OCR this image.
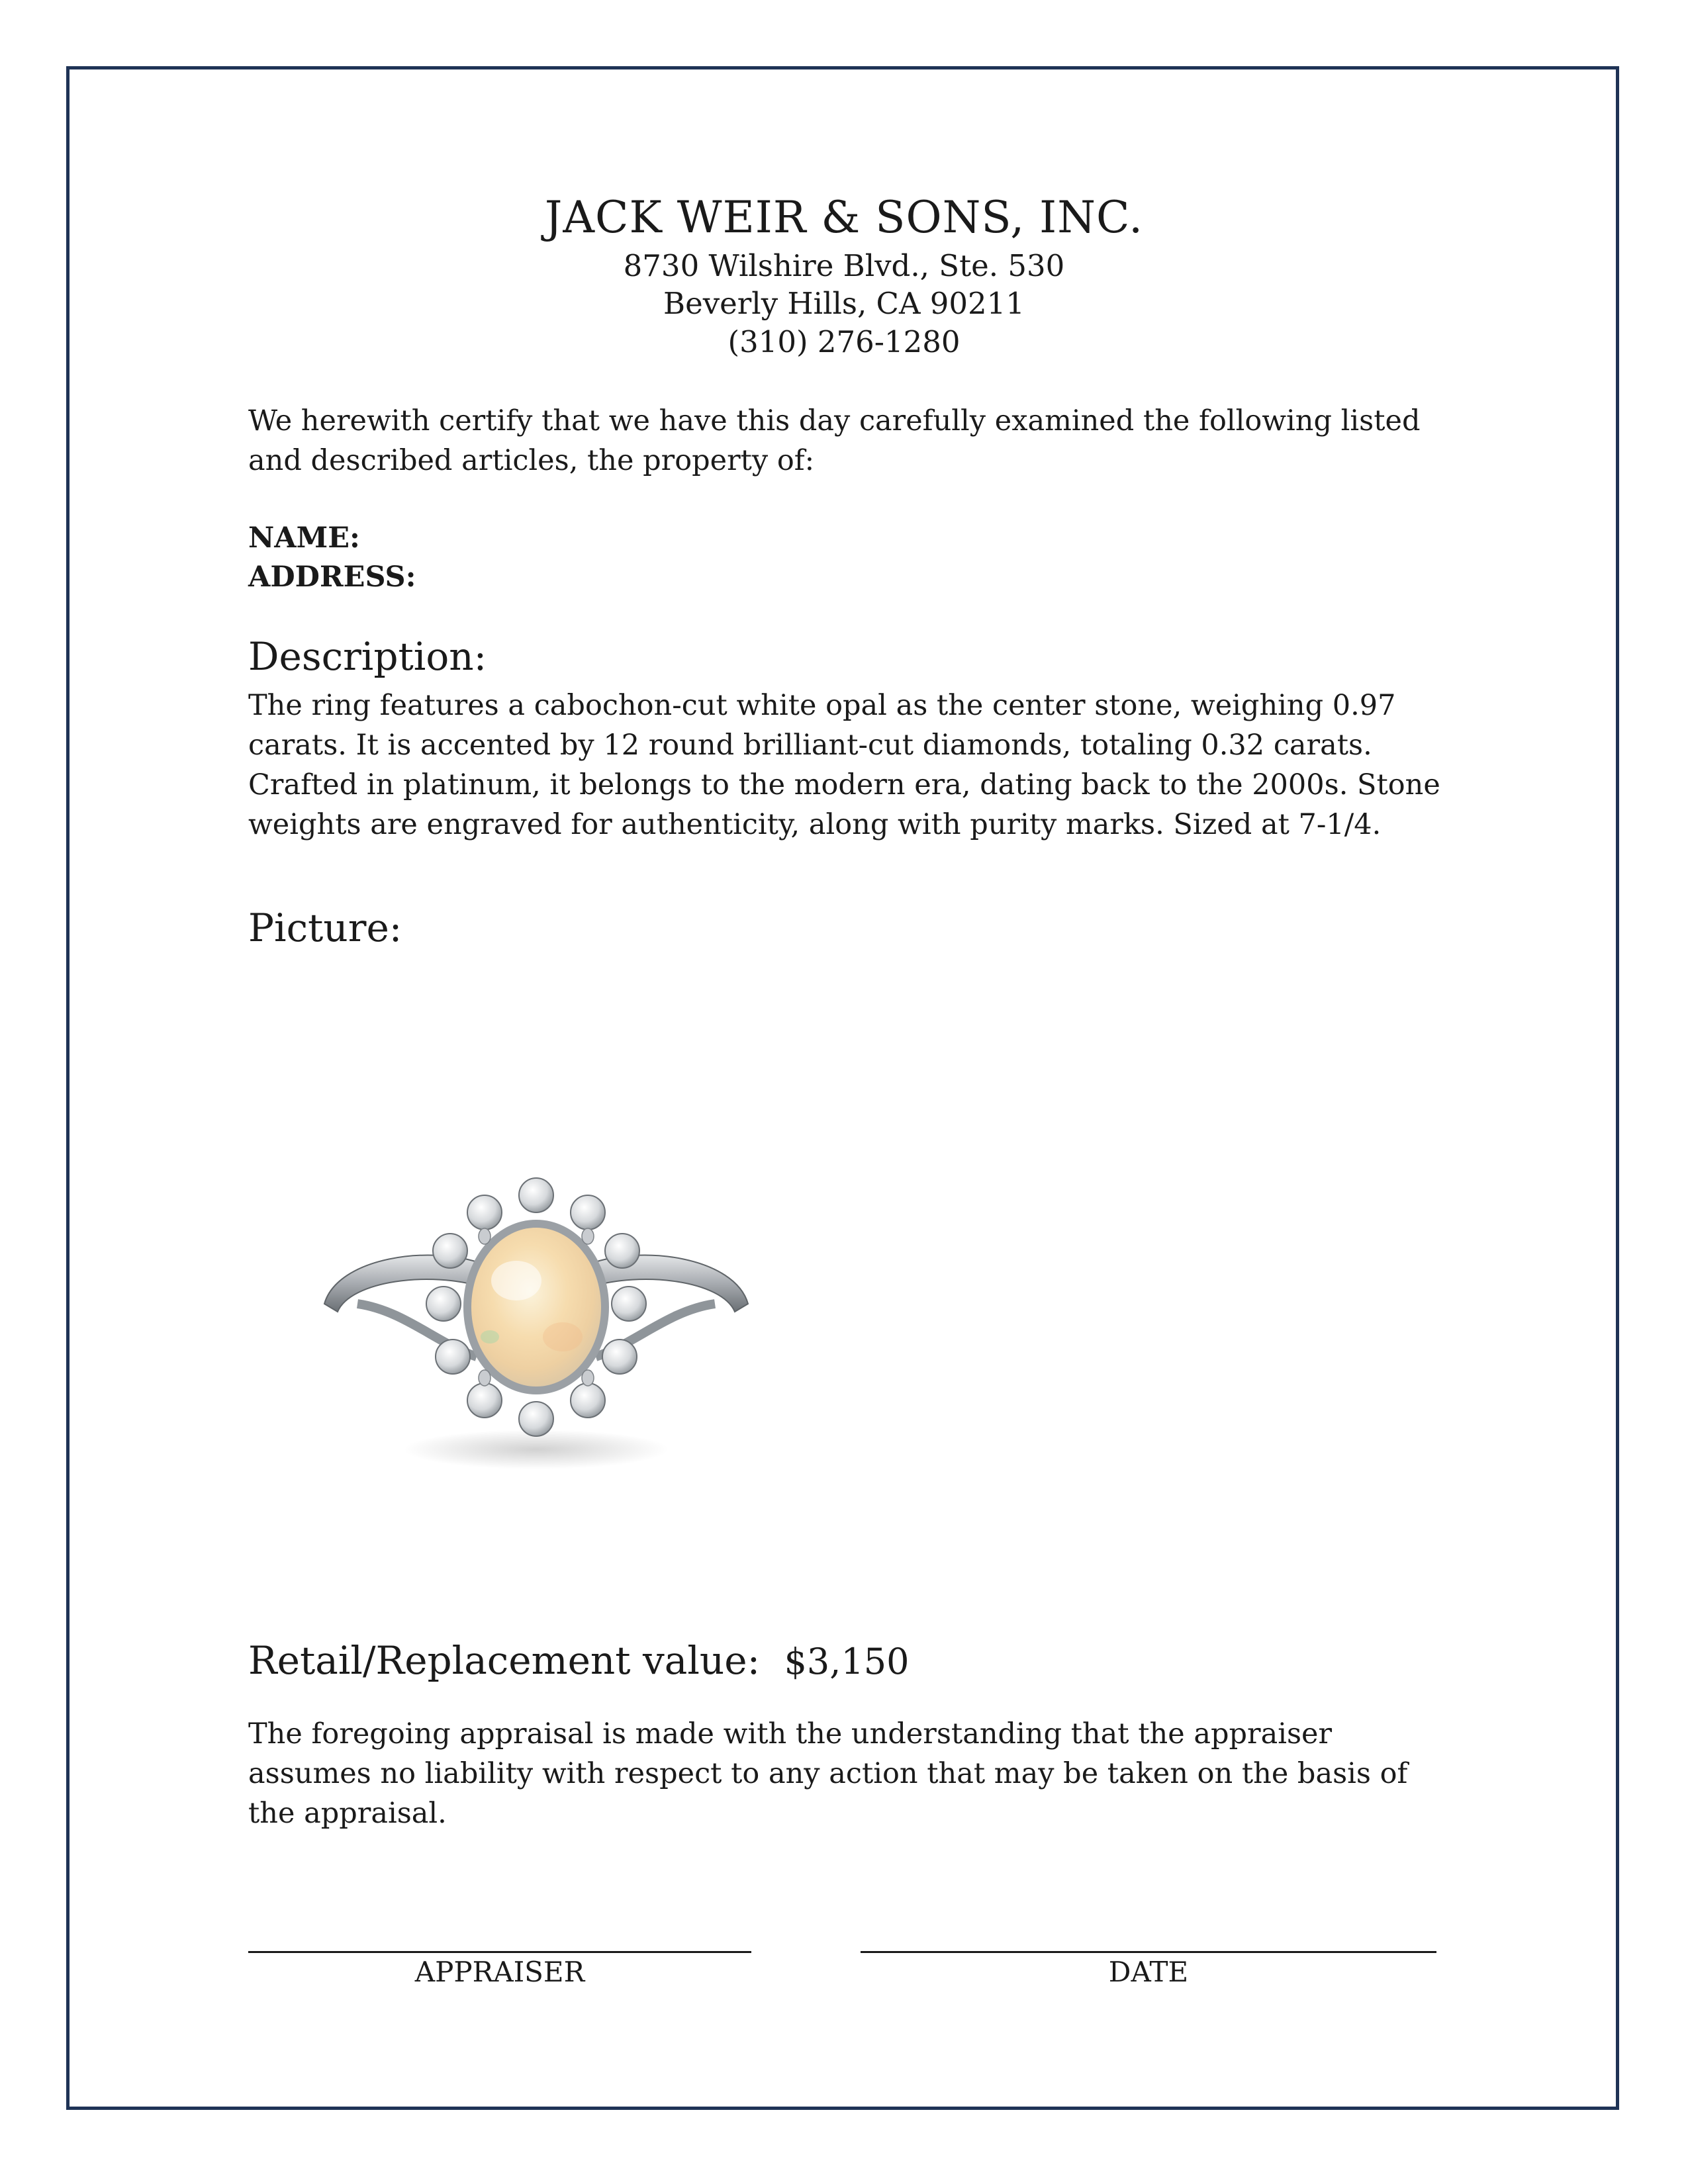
JACK WEIR & SONS, INC.
8730 Wilshire Blvd., Ste. 530
Beverly Hills, CA 90211
(310) 276-1280
We herewith certify that we have this day carefully examined the following listed and described articles, the property of:
NAME:
ADDRESS:
Description:
The ring features a cabochon-cut white opal as the center stone, weighing 0.97 carats. It is accented by 12 round brilliant-cut diamonds, totaling 0.32 carats. Crafted in platinum, it belongs to the modern era, dating back to the 2000s. Stone weights are engraved for authenticity, along with purity marks. Sized at 7-1/4.
Picture:
Retail/Replacement value: $3,150
The foregoing appraisal is made with the understanding that the appraiser assumes no liability with respect to any action that may be taken on the basis of the appraisal.
APPRAISER	DATE
